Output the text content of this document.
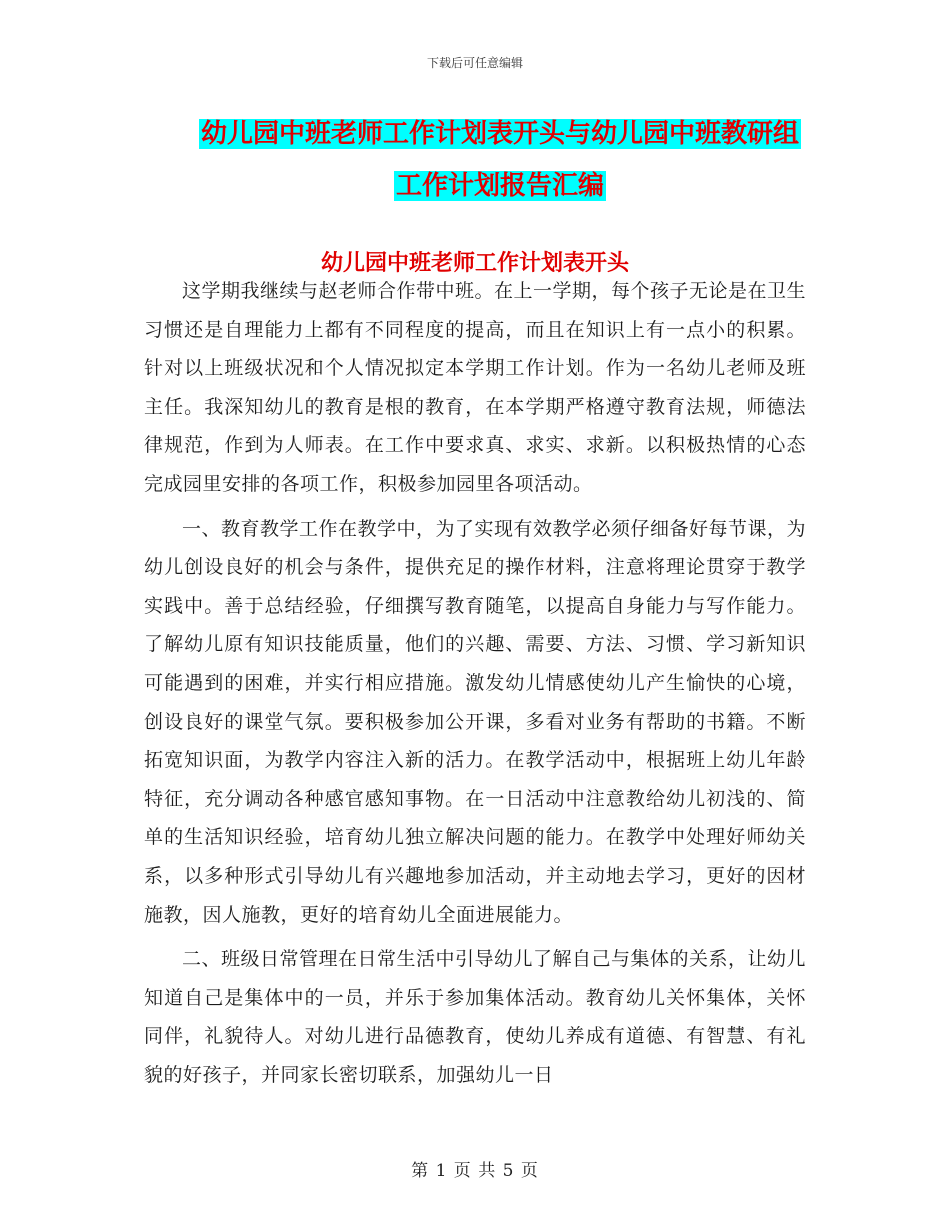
下载后可任意编辑
幼儿园中班老师工作计划表开头与幼儿园中班教研组
工作计划报告汇编
幼儿园中班老师工作计划表开头

这学期我继续与赵老师合作带中班。在上一学期，每个孩子无论是在卫生习惯还是自理能力上都有不同程度的提高，而且在知识上有一点小的积累。针对以上班级状况和个人情况拟定本学期工作计划。作为一名幼儿老师及班主任。我深知幼儿的教育是根的教育，在本学期严格遵守教育法规，师德法律规范，作到为人师表。在工作中要求真、求实、求新。以积极热情的心态完成园里安排的各项工作，积极参加园里各项活动。

一、教育教学工作在教学中，为了实现有效教学必须仔细备好每节课，为幼儿创设良好的机会与条件，提供充足的操作材料，注意将理论贯穿于教学实践中。善于总结经验，仔细撰写教育随笔，以提高自身能力与写作能力。了解幼儿原有知识技能质量，他们的兴趣、需要、方法、习惯、学习新知识可能遇到的困难，并实行相应措施。激发幼儿情感使幼儿产生愉快的心境，创设良好的课堂气氛。要积极参加公开课，多看对业务有帮助的书籍。不断拓宽知识面，为教学内容注入新的活力。在教学活动中，根据班上幼儿年龄特征，充分调动各种感官感知事物。在一日活动中注意教给幼儿初浅的、简单的生活知识经验，培育幼儿独立解决问题的能力。在教学中处理好师幼关系，以多种形式引导幼儿有兴趣地参加活动，并主动地去学习，更好的因材施教，因人施教，更好的培育幼儿全面进展能力。

二、班级日常管理在日常生活中引导幼儿了解自己与集体的关系，让幼儿知道自己是集体中的一员，并乐于参加集体活动。教育幼儿关怀集体，关怀同伴，礼貌待人。对幼儿进行品德教育，使幼儿养成有道德、有智慧、有礼貌的好孩子，并同家长密切联系，加强幼儿一日

第 1 页 共 5 页
